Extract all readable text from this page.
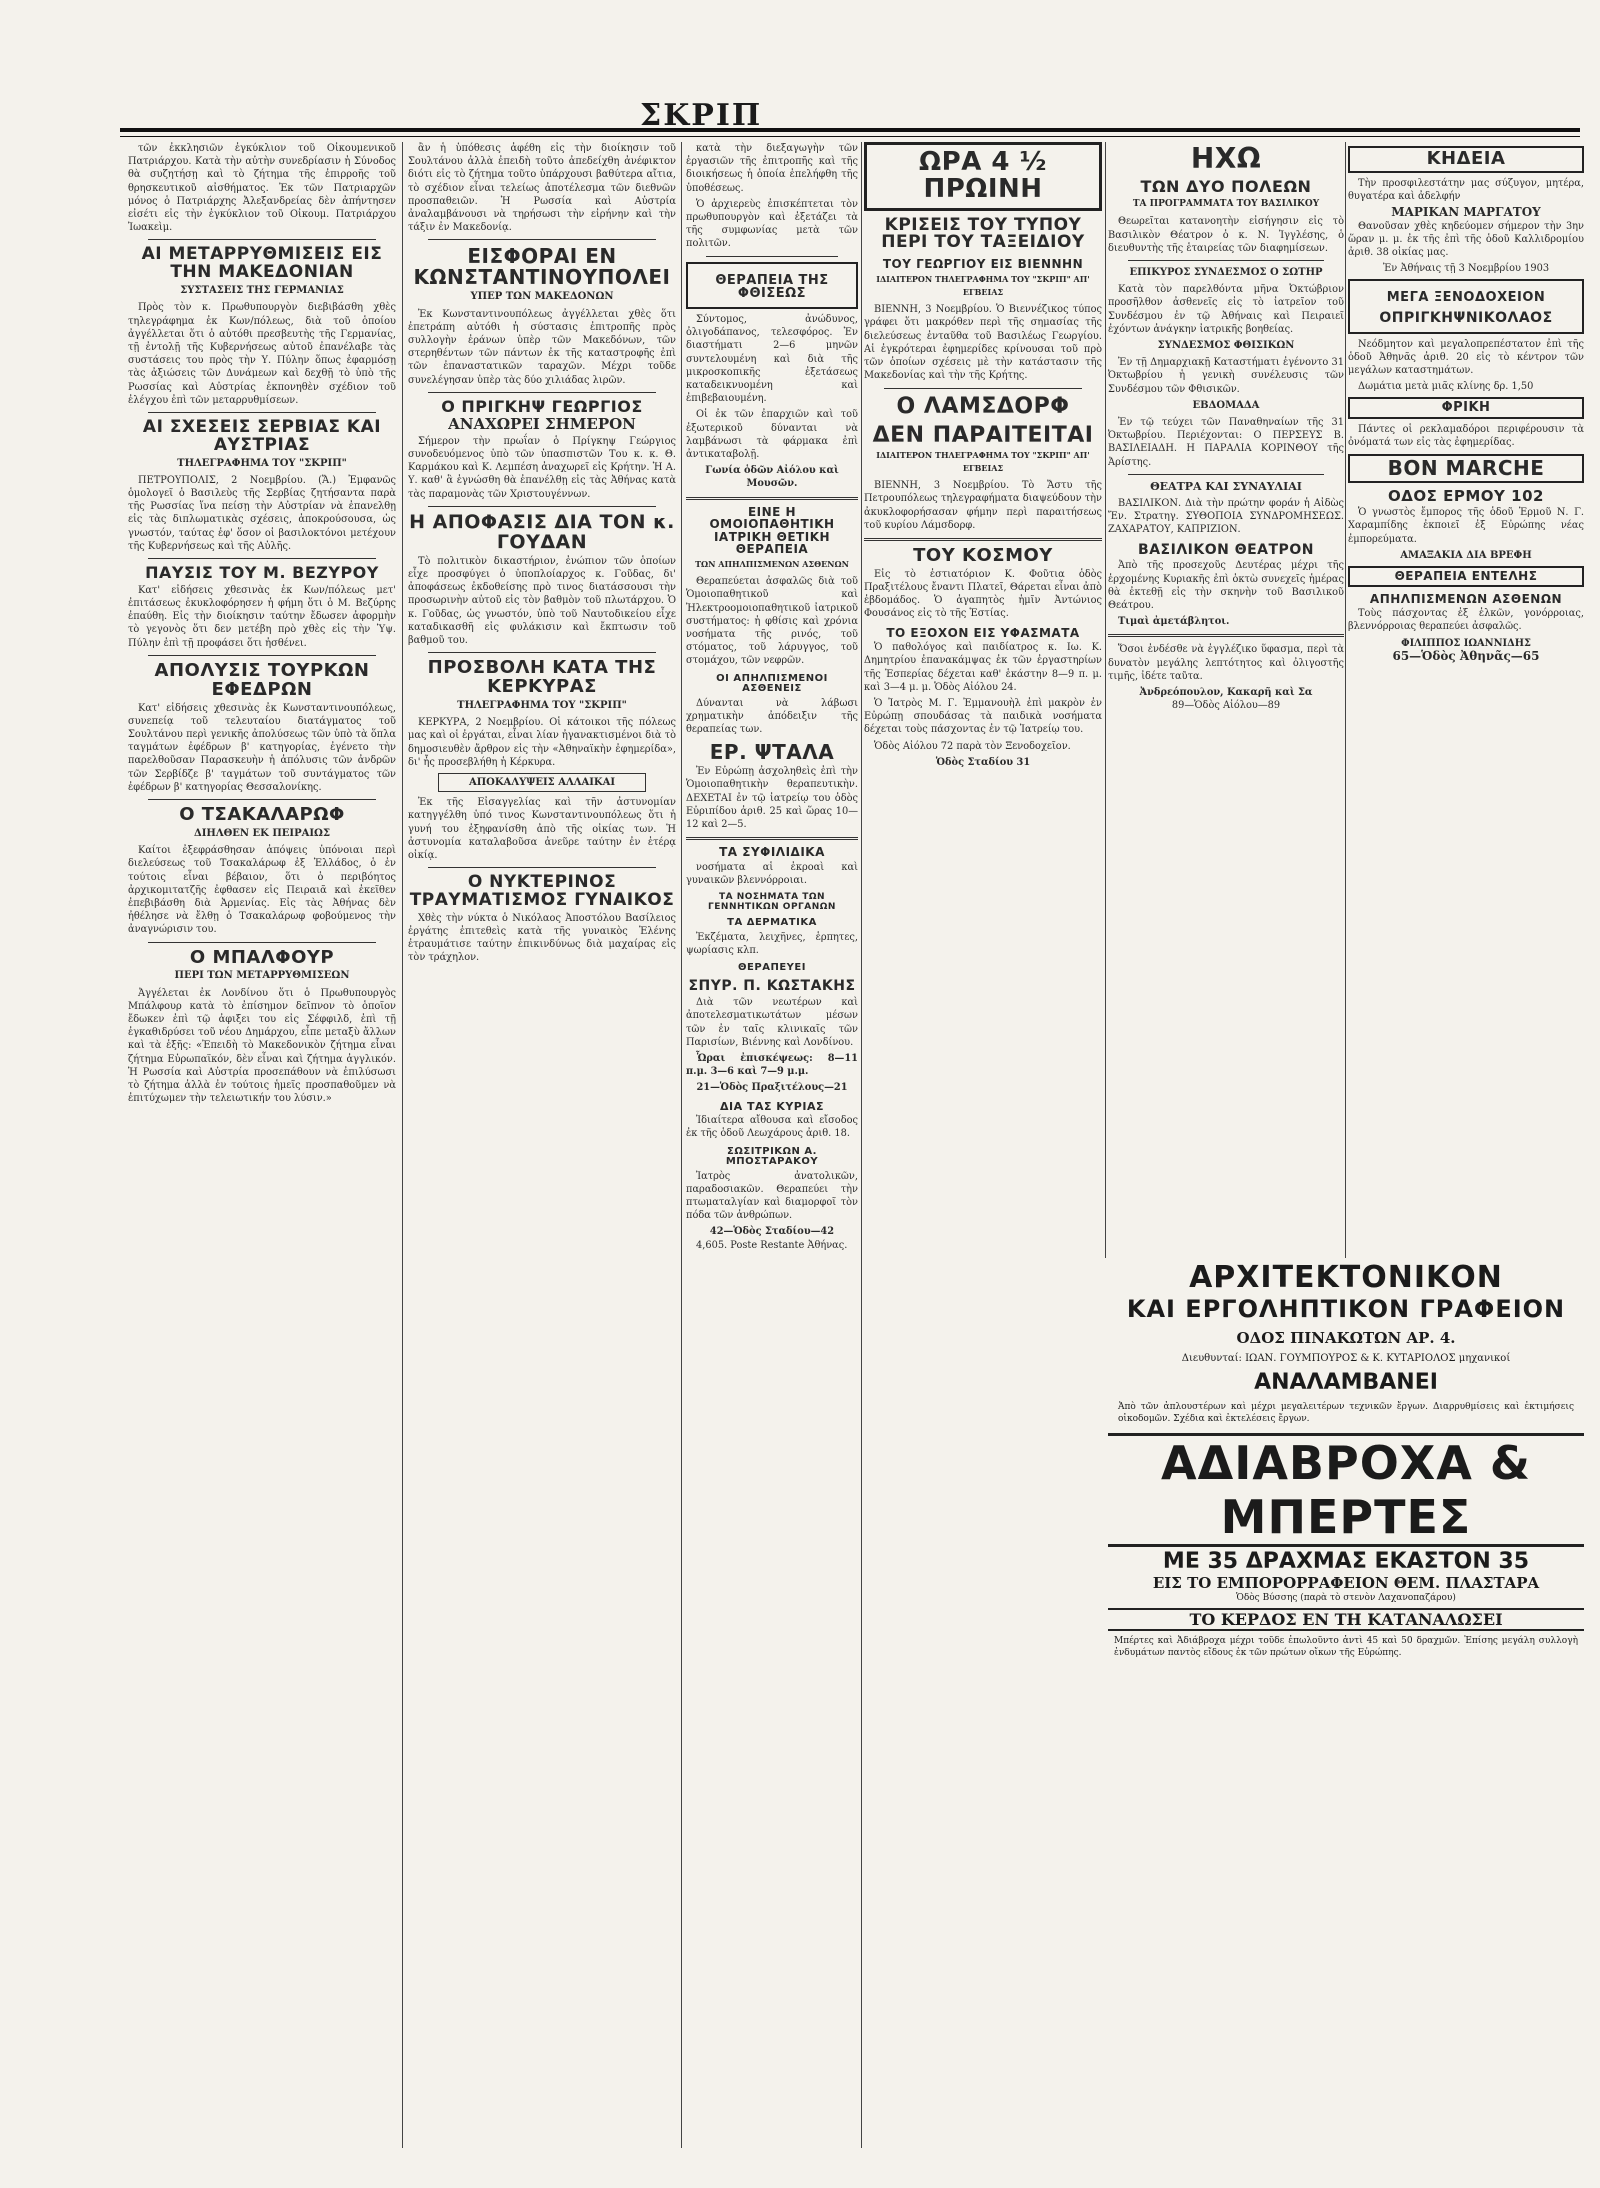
ΣΚΡΙΠ

τῶν ἐκκλησιῶν ἐγκύκλιον τοῦ Οἰκουμενικοῦ Πατριάρχου. Κατὰ τὴν αὐτὴν συνεδρίασιν ἡ Σύνοδος θὰ συζητήσῃ καὶ τὸ ζήτημα τῆς ἐπιρροῆς τοῦ θρησκευτικοῦ αἰσθήματος. Ἐκ τῶν Πατριαρχῶν μόνος ὁ Πατριάρχης Ἀλεξανδρείας δὲν ἀπήντησεν εἰσέτι εἰς τὴν ἐγκύκλιον τοῦ Οἰκουμ. Πατριάρχου Ἰωακεὶμ.

ΑΙ ΜΕΤΑΡΡΥΘΜΙΣΕΙΣ ΕΙΣ ΤΗΝ ΜΑΚΕΔΟΝΙΑΝ
ΣΥΣΤΑΣΕΙΣ ΤΗΣ ΓΕΡΜΑΝΙΑΣ

Πρὸς τὸν κ. Πρωθυπουργὸν διεβιβάσθη χθὲς τηλεγράφημα ἐκ Κων/πόλεως, διὰ τοῦ ὁποίου ἀγγέλλεται ὅτι ὁ αὐτόθι πρεσβευτὴς τῆς Γερμανίας, τῇ ἐντολῇ τῆς Κυβερνήσεως αὐτοῦ ἐπανέλαβε τὰς συστάσεις του πρὸς τὴν Υ. Πύλην ὅπως ἐφαρμόσῃ τὰς ἀξιώσεις τῶν Δυνάμεων καὶ δεχθῇ τὸ ὑπὸ τῆς Ρωσσίας καὶ Αὐστρίας ἐκπονηθὲν σχέδιον τοῦ ἐλέγχου ἐπὶ τῶν μεταρρυθμίσεων.

ΑΙ ΣΧΕΣΕΙΣ ΣΕΡΒΙΑΣ ΚΑΙ ΑΥΣΤΡΙΑΣ
ΤΗΛΕΓΡΑΦΗΜΑ ΤΟΥ "ΣΚΡΙΠ"

ΠΕΤΡΟΥΠΟΛΙΣ, 2 Νοεμβρίου. (Ἄ.) Ἐμφανῶς ὁμολογεῖ ὁ Βασιλεὺς τῆς Σερβίας ζητήσαντα παρὰ τῆς Ρωσσίας ἵνα πείσῃ τὴν Αὐστρίαν νὰ ἐπανελθῃ εἰς τὰς διπλωματικὰς σχέσεις, ἀποκρούσουσα, ὡς γνωστόν, ταύτας ἐφ' ὅσον οἱ βασιλοκτόνοι μετέχουν τῆς Κυβερνήσεως καὶ τῆς Αὐλῆς.

ΠΑΥΣΙΣ ΤΟΥ Μ. ΒΕΖΥΡΟΥ

Κατ' εἰδήσεις χθεσινὰς ἐκ Κων/πόλεως μετ' ἐπιτάσεως ἐκυκλοφόρησεν ἡ φήμη ὅτι ὁ Μ. Βεζύρης ἐπαύθη. Εἰς τὴν διοίκησιν ταύτην ἔδωσεν ἀφορμὴν τὸ γεγονὸς ὅτι δεν μετέβη πρὸ χθὲς εἰς τὴν Ὑψ. Πύλην ἐπὶ τῇ προφάσει ὅτι ἠσθένει.

ΑΠΟΛΥΣΙΣ ΤΟΥΡΚΩΝ ΕΦΕΔΡΩΝ

Κατ' εἰδήσεις χθεσινὰς ἐκ Κωνσταντινουπόλεως, συνεπείᾳ τοῦ τελευταίου διατάγματος τοῦ Σουλτάνου περὶ γενικῆς ἀπολύσεως τῶν ὑπὸ τὰ ὅπλα ταγμάτων ἐφέδρων β' κατηγορίας, ἐγένετο τὴν παρελθοῦσαν Παρασκευὴν ἡ ἀπόλυσις τῶν ἀνδρῶν τῶν Σερβίδζε β' ταγμάτων τοῦ συντάγματος τῶν ἐφέδρων β' κατηγορίας Θεσσαλονίκης.

Ο ΤΣΑΚΑΛΑΡΩΦ
ΔΙΗΛΘΕΝ ΕΚ ΠΕΙΡΑΙΩΣ

Καίτοι ἐξεφράσθησαν ἀπόψεις ὑπόνοιαι περὶ διελεύσεως τοῦ Τσακαλάρωφ ἐξ Ἑλλάδος, ὁ ἐν τούτοις εἶναι βέβαιον, ὅτι ὁ περιβόητος ἀρχικομιτατζῆς ἐφθασεν εἰς Πειραιᾶ καὶ ἐκεῖθεν ἐπεβιβάσθη διὰ Ἀρμενίας. Εἰς τὰς Ἀθήνας δὲν ἠθέλησε νὰ ἔλθῃ ὁ Τσακαλάρωφ φοβούμενος τὴν ἀναγνώρισιν του.

Ο ΜΠΑΛΦΟΥΡ
ΠΕΡΙ ΤΩΝ ΜΕΤΑΡΡΥΘΜΙΣΕΩΝ

Ἀγγέλεται ἐκ Λονδίνου ὅτι ὁ Πρωθυπουργὸς Μπάλφουρ κατὰ τὸ ἐπίσημον δεῖπνον τὸ ὁποῖον ἔδωκεν ἐπὶ τῷ ἀφιξει του εἰς Σέφφιλδ, ἐπὶ τῇ ἐγκαθιδρύσει τοῦ νέου Δημάρχου, εἶπε μεταξὺ ἄλλων καὶ τὰ ἑξῆς: «Ἐπειδὴ τὸ Μακεδονικὸν ζήτημα εἶναι ζήτημα Εὐρωπαϊκόν, δὲν εἶναι καὶ ζήτημα ἀγγλικόν. Ἡ Ρωσσία καὶ Αὐστρία προσεπάθουν νὰ ἐπιλύσωσι τὸ ζήτημα ἀλλὰ ἐν τούτοις ἡμεῖς προσπαθοῦμεν νὰ ἐπιτύχωμεν τὴν τελειωτικήν του λύσιν.»

ἂν ἡ ὑπόθεσις ἀφέθη εἰς τὴν διοίκησιν τοῦ Σουλτάνου ἀλλὰ ἐπειδὴ τοῦτο ἀπεδείχθη ἀνέφικτον διότι εἰς τὸ ζήτημα τοῦτο ὑπάρχουσι βαθύτερα αἴτια, τὸ σχέδιον εἶναι τελείως ἀποτέλεσμα τῶν διεθνῶν προσπαθειῶν. Ἡ Ρωσσία καὶ Αὐστρία ἀναλαμβάνουσι νὰ τηρήσωσι τὴν εἰρήνην καὶ τὴν τάξιν ἐν Μακεδονίᾳ.

ΕΙΣΦΟΡΑΙ ΕΝ ΚΩΝΣΤΑΝΤΙΝΟΥΠΟΛΕΙ
ΥΠΕΡ ΤΩΝ ΜΑΚΕΔΟΝΩΝ

Ἐκ Κωνσταντινουπόλεως ἀγγέλλεται χθὲς ὅτι ἐπετράπη αὐτόθι ἡ σύστασις ἐπιτροπῆς πρὸς συλλογὴν ἐράνων ὑπὲρ τῶν Μακεδόνων, τῶν στερηθέντων τῶν πάντων ἐκ τῆς καταστροφῆς ἐπὶ τῶν ἐπαναστατικῶν ταραχῶν. Μέχρι τοῦδε συνελέγησαν ὑπὲρ τὰς δύο χιλιάδας λιρῶν.

Ο ΠΡΙΓΚΗΨ ΓΕΩΡΓΙΟΣ
ΑΝΑΧΩΡΕΙ ΣΗΜΕΡΟΝ

Σήμερον τὴν πρωΐαν ὁ Πρίγκηψ Γεώργιος συνοδευόμενος ὑπὸ τῶν ὑπασπιστῶν Του κ. κ. Θ. Καρμάκου καὶ Κ. Λεμπέση ἀναχωρεῖ εἰς Κρήτην. Ἡ Α. Υ. καθ' ἃ ἐγνώσθη θὰ ἐπανέλθῃ εἰς τὰς Ἀθήνας κατὰ τὰς παραμονὰς τῶν Χριστουγέννων.

Η ΑΠΟΦΑΣΙΣ ΔΙΑ ΤΟΝ κ. ΓΟΥΔΑΝ

Τὸ πολιτικὸν δικαστήριον, ἐνώπιον τῶν ὁποίων εἶχε προσφύγει ὁ ὑποπλοίαρχος κ. Γοῦδας, δι' ἀποφάσεως ἐκδοθείσης πρὸ τινος διατάσσουσι τὴν προσωρινὴν αὐτοῦ εἰς τὸν βαθμὸν τοῦ πλωτάρχου. Ὁ κ. Γοῦδας, ὡς γνωστόν, ὑπὸ τοῦ Ναυτοδικείου εἶχε καταδικασθῆ εἰς φυλάκισιν καὶ ἔκπτωσιν τοῦ βαθμοῦ του.

ΠΡΟΣΒΟΛΗ ΚΑΤΑ ΤΗΣ ΚΕΡΚΥΡΑΣ
ΤΗΛΕΓΡΑΦΗΜΑ ΤΟΥ "ΣΚΡΙΠ"

ΚΕΡΚΥΡΑ, 2 Νοεμβρίου. Οἱ κάτοικοι τῆς πόλεως μας καὶ οἱ ἐργάται, εἶναι λίαν ἠγανακτισμένοι διὰ τὸ δημοσιευθὲν ἄρθρον εἰς τὴν «Ἀθηναϊκὴν ἐφημερίδα», δι' ἧς προσεβλήθη ἡ Κέρκυρα.

ΑΠΟΚΑΛΥΨΕΙΣ ΑΛΛΑΙΚΑΙ

Ἐκ τῆς Εἰσαγγελίας καὶ τῆν ἀστυνομίαν κατηγγέλθη ὑπό τινος Κωνσταντινουπόλεως ὅτι ἡ γυνή του ἐξηφανίσθη ἀπὸ τῆς οἰκίας των. Ἡ ἀστυνομία καταλαβοῦσα ἀνεῦρε ταύτην ἐν ἑτέρᾳ οἰκίᾳ.

Ο ΝΥΚΤΕΡΙΝΟΣ ΤΡΑΥΜΑΤΙΣΜΟΣ ΓΥΝΑΙΚΟΣ

Χθὲς τὴν νύκτα ὁ Νικόλαος Ἀποστόλου Βασίλειος ἐργάτης ἐπιτεθεὶς κατὰ τῆς γυναικὸς Ἑλένης ἐτραυμάτισε ταύτην ἐπικινδύνως διὰ μαχαίρας εἰς τὸν τράχηλον.

κατὰ τὴν διεξαγωγὴν τῶν ἐργασιῶν τῆς ἐπιτροπῆς καὶ τῆς διοικήσεως ἡ ὁποία ἐπελήφθη τῆς ὑποθέσεως.

Ὁ ἀρχιερεὺς ἐπισκέπτεται τὸν πρωθυπουργὸν καὶ ἐξετάζει τὰ τῆς συμφωνίας μετὰ τῶν πολιτῶν.

ΘΕΡΑΠΕΙΑ ΤΗΣ ΦΘΙΣΕΩΣ

Σύντομος, ἀνώδυνος, ὀλιγοδάπανος, τελεσφόρος. Ἐν διαστήματι 2—6 μηνῶν συντελουμένη καὶ διὰ τῆς μικροσκοπικῆς ἐξετάσεως καταδεικνυομένη καὶ ἐπιβεβαιουμένη.

Οἱ ἐκ τῶν ἐπαρχιῶν καὶ τοῦ ἐξωτερικοῦ δύνανται νὰ λαμβάνωσι τὰ φάρμακα ἐπὶ ἀντικαταβολῇ.

Γωνία ὁδῶν Αἰόλου καὶ Μουσῶν.
ΕΙΝΕ Η ΟΜΟΙΟΠΑΘΗΤΙΚΗ ΙΑΤΡΙΚΗ ΘΕΤΙΚΗ ΘΕΡΑΠΕΙΑ
ΤΩΝ ΑΠΗΛΠΙΣΜΕΝΩΝ ΑΣΘΕΝΩΝ

Θεραπεύεται ἀσφαλῶς διὰ τοῦ Ὁμοιοπαθητικοῦ καὶ Ἠλεκτροομοιοπαθητικοῦ ἰατρικοῦ συστήματος: ἡ φθίσις καὶ χρόνια νοσήματα τῆς ρινός, τοῦ στόματος, τοῦ λάρυγγος, τοῦ στομάχου, τῶν νεφρῶν.

ΟΙ ΑΠΗΛΠΙΣΜΕΝΟΙ ΑΣΘΕΝΕΙΣ

Δύνανται νὰ λάβωσι χρηματικὴν ἀπόδειξιν τῆς θεραπείας των.

ΕΡ. ΨΤΑΛΑ

Ἐν Εὐρώπῃ ἀσχοληθεὶς ἐπὶ τὴν Ὁμοιοπαθητικὴν θεραπευτικὴν. ΔΕΧΕΤΑΙ ἐν τῷ ἰατρείῳ του ὁδὸς Εὐριπίδου ἀριθ. 25 καὶ ὥρας 10—12 καὶ 2—5.

ΤΑ ΣΥΦΙΛΙΔΙΚΑ

νοσήματα αἱ ἐκροαὶ καὶ γυναικῶν βλεννόρροιαι.

ΤΑ ΝΟΣΗΜΑΤΑ ΤΩΝ ΓΕΝΝΗΤΙΚΩΝ ΟΡΓΑΝΩΝ
ΤΑ ΔΕΡΜΑΤΙΚΑ

Ἐκζέματα, λειχῆνες, ἑρπητες, ψωρίασις κλπ.

ΘΕΡΑΠΕΥΕΙ
ΣΠΥΡ. Π. ΚΩΣΤΑΚΗΣ

Διὰ τῶν νεωτέρων καὶ ἀποτελεσματικωτάτων μέσων τῶν ἐν ταῖς κλινικαῖς τῶν Παρισίων, Βιέννης καὶ Λονδίνου.

Ὧραι ἐπισκέψεως: 8—11 π.μ. 3—6 καὶ 7—9 μ.μ.

21—Ὁδὸς Πραξιτέλους—21
ΔΙΑ ΤΑΣ ΚΥΡΙΑΣ

Ἰδιαίτερα αἴθουσα καὶ εἴσοδος ἐκ τῆς ὁδοῦ Λεωχάρους ἀριθ. 18.

ΣΩΣΙΤΡΙΚΩΝ Α. ΜΠΟΣΤΑΡΑΚΟΥ

Ἰατρὸς ἀνατολικῶν, παραδοσιακῶν. Θεραπεύει τὴν πτωματαλγίαν καὶ διαμορφοῖ τὸν πόδα τῶν ἀνθρώπων.

42—Ὁδὸς Σταδίου—42

4,605. Poste Restante Ἀθήνας.

ΩΡΑ 4 ½ ΠΡΩΙΝΗ
ΚΡΙΣΕΙΣ ΤΟΥ ΤΥΠΟΥ ΠΕΡΙ ΤΟΥ ΤΑΞΕΙΔΙΟΥ
ΤΟΥ ΓΕΩΡΓΙΟΥ ΕΙΣ ΒΙΕΝΝΗΝ
ΙΔΙΑΙΤΕΡΟΝ ΤΗΛΕΓΡΑΦΗΜΑ ΤΟΥ "ΣΚΡΙΠ" ΑΠ' ΕΓΒΕΙΑΣ

ΒΙΕΝΝΗ, 3 Νοεμβρίου. Ὁ Βιεννέζικος τύπος γράφει ὅτι μακρόθεν περὶ τῆς σημασίας τῆς διελεύσεως ἐνταῦθα τοῦ Βασιλέως Γεωργίου. Αἱ ἐγκρότεραι ἐφημερίδες κρίνουσαι τοῦ πρὸ τῶν ὁποίων σχέσεις μὲ τὴν κατάστασιν τῆς Μακεδονίας καὶ τὴν τῆς Κρήτης.

Ο ΛΑΜΣΔΟΡΦ
ΔΕΝ ΠΑΡΑΙΤΕΙΤΑΙ
ΙΔΙΑΙΤΕΡΟΝ ΤΗΛΕΓΡΑΦΗΜΑ ΤΟΥ "ΣΚΡΙΠ" ΑΠ' ΕΓΒΕΙΑΣ

ΒΙΕΝΝΗ, 3 Νοεμβρίου. Τὸ Ἄστυ τῆς Πετρουπόλεως τηλεγραφήματα διαψεύδουν τὴν ἀκυκλοφορήσασαν φήμην περὶ παραιτήσεως τοῦ κυρίου Λάμσδορφ.

ΤΟΥ ΚΟΣΜΟΥ

Εἰς τὸ ἐστιατόριον Κ. Φοῦτια ὁδὸς Πραξιτέλους ἔναντι Πλατεῖ, Θάρεται εἶναι ἀπὸ ἑβδομάδος. Ὁ ἀγαπητὸς ἡμῖν Ἀντώνιος Φουσάνος εἰς τὸ τῆς Ἑστίας.

ΤΟ ΕΞΟΧΟΝ ΕΙΣ ΥΦΑΣΜΑΤΑ

Ὁ παθολόγος καὶ παιδίατρος κ. Ιω. Κ. Δημητρίου ἐπανακάμψας ἐκ τῶν ἐργαστηρίων τῆς Ἑσπερίας δέχεται καθ' ἑκάστην 8—9 π. μ. καὶ 3—4 μ. μ. Ὁδὸς Αἰόλου 24.

Ὁ Ἰατρὸς Μ. Γ. Ἐμμανουὴλ ἐπὶ μακρὸν ἐν Εὐρώπῃ σπουδάσας τὰ παιδικὰ νοσήματα δέχεται τοὺς πάσχοντας ἐν τῷ Ἰατρείῳ του.

Ὁδὸς Αἰόλου 72 παρὰ τὸν Ξενοδοχεῖον.

Ὁδὸς Σταδίου 31
ΗΧΩ
ΤΩΝ ΔΥΟ ΠΟΛΕΩΝ
ΤΑ ΠΡΟΓΡΑΜΜΑΤΑ ΤΟΥ ΒΑΣΙΛΙΚΟΥ

Θεωρεῖται κατανοητὴν εἰσήγησιν εἰς τὸ Βασιλικὸν Θέατρον ὁ κ. Ν. Ἰγγλέσης, ὁ διευθυντὴς τῆς ἑταιρείας τῶν διαφημίσεων.

ΕΠΙΚΥΡΟΣ ΣΥΝΔΕΣΜΟΣ Ο ΣΩΤΗΡ

Κατὰ τὸν παρελθόντα μῆνα Ὀκτώβριον προσῆλθον ἀσθενεῖς εἰς τὸ ἰατρεῖον τοῦ Συνδέσμου ἐν τῷ Ἀθήναις καὶ Πειραιεῖ ἐχόντων ἀνάγκην ἰατρικῆς βοηθείας.

ΣΥΝΔΕΣΜΟΣ ΦΘΙΣΙΚΩΝ

Ἐν τῇ Δημαρχιακῇ Καταστήματι ἐγένοντο 31 Ὀκτωβρίου ἡ γενικὴ συνέλευσις τῶν Συνδέσμου τῶν Φθισικῶν.

ΕΒΔΟΜΑΔΑ

Ἐν τῷ τεύχει τῶν Παναθηναίων τῆς 31 Ὀκτωβρίου. Περιέχονται: Ο ΠΕΡΣΕΥΣ Β. ΒΑΣΙΛΕΙΑΔΗ. Η ΠΑΡΑΛΙΑ ΚΟΡΙΝΘΟΥ τῆς Ἀρίστης.

ΘΕΑΤΡΑ ΚΑΙ ΣΥΝΑΥΛΙΑΙ

ΒΑΣΙΛΙΚΟΝ. Διὰ τὴν πρώτην φοράν ἡ Αἰδὼς Ἔν. Στρατηγ. ΣΥΘΟΠΟΙΑ ΣΥΝΔΡΟΜΗΣΕΩΣ. ΖΑΧΑΡΑΤΟΥ, ΚΑΠΡΙΖΙΟΝ.

ΒΑΣΙΛΙΚΟΝ ΘΕΑΤΡΟΝ

Ἀπὸ τῆς προσεχοῦς Δευτέρας μέχρι τῆς ἑρχομένης Κυριακῆς ἐπὶ ὁκτὼ συνεχεῖς ἡμέρας θὰ ἐκτεθῇ εἰς τὴν σκηνὴν τοῦ Βασιλικοῦ Θεάτρου.

Τιμαὶ ἀμετάβλητοι.

Ὅσοι ἐνδέσθε νὰ ἐγγλέζικο ὕφασμα, περὶ τὰ δυνατὸν μεγάλης λεπτότητος καὶ ὀλιγοστῆς τιμῆς, ἰδέτε ταῦτα.

Ἀνδρεόπουλον, Κακαρῆ καὶ Σα
89—Ὁδὸς Αἰόλου—89
ΚΗΔΕΙΑ

Τὴν προσφιλεστάτην μας σύζυγον, μητέρα, θυγατέρα καὶ ἀδελφήν

ΜΑΡΙΚΑΝ ΜΑΡΓΑΤΟΥ

Θανοῦσαν χθὲς κηδεύομεν σήμερον τὴν 3ην ὥραν μ. μ. ἐκ τῆς ἐπὶ τῆς ὁδοῦ Καλλιδρομίου ἀριθ. 38 οἰκίας μας.

Ἐν Ἀθήναις τῇ 3 Νοεμβρίου 1903
ΜΕΓΑ ΞΕΝΟΔΟΧΕΙΟΝ
ΟΠΡΙΓΚΗΨΝΙΚΟΛΑΟΣ

Νεόδμητον καὶ μεγαλοπρεπέστατον ἐπὶ τῆς ὁδοῦ Ἀθηνᾶς ἀριθ. 20 εἰς τὸ κέντρον τῶν μεγάλων καταστημάτων.

Δωμάτια μετὰ μιᾶς κλίνης δρ. 1,50

ΦΡΙΚΗ

Πάντες οἱ ρεκλαμαδόροι περιφέρουσιν τὰ ὀνόματά των εἰς τὰς ἐφημερίδας.

BON MARCHE
ΟΔΟΣ ΕΡΜΟΥ 102

Ὁ γνωστὸς ἔμπορος τῆς ὁδοῦ Ἑρμοῦ Ν. Γ. Χαραμπίδης ἐκποιεῖ ἐξ Εὐρώπης νέας ἐμπορεύματα.

ΑΜΑΞΑΚΙΑ ΔΙΑ ΒΡΕΦΗ
ΘΕΡΑΠΕΙΑ ΕΝΤΕΛΗΣ
ΑΠΗΛΠΙΣΜΕΝΩΝ ΑΣΘΕΝΩΝ

Τοὺς πάσχοντας ἐξ ἐλκῶν, γονόρροιας, βλεννόρροιας θεραπεύει ἀσφαλῶς.

ΦΙΛΙΠΠΟΣ ΙΩΑΝΝΙΔΗΣ
65—Ὁδὸς Ἀθηνᾶς—65
ΑΡΧΙΤΕΚΤΟΝΙΚΟΝ
ΚΑΙ ΕΡΓΟΛΗΠΤΙΚΟΝ ΓΡΑΦΕΙΟΝ
ΟΔΟΣ ΠΙΝΑΚΩΤΩΝ ΑΡ. 4.
Διευθυνταί: ΙΩΑΝ. ΓΟΥΜΠΟΥΡΟΣ & Κ. ΚΥΤΑΡΙΟΛΟΣ μηχανικοί
ΑΝΑΛΑΜΒΑΝΕΙ
Ἀπὸ τῶν ἀπλουστέρων καὶ μέχρι μεγαλειτέρων τεχνικῶν ἔργων. Διαρρυθμίσεις καὶ ἐκτιμήσεις οἰκοδομῶν. Σχέδια καὶ ἐκτελέσεις ἔργων.
ΑΔΙΑΒΡΟΧΑ & ΜΠΕΡΤΕΣ
ΜΕ 35 ΔΡΑΧΜΑΣ ΕΚΑΣΤΟΝ 35
ΕΙΣ ΤΟ ΕΜΠΟΡΟΡΡΑΦΕΙΟΝ ΘΕΜ. ΠΛΑΣΤΑΡΑ
Ὁδὸς Βύσσης (παρὰ τὸ στενὸν Λαχανοπαζάρου)
ΤΟ ΚΕΡΔΟΣ ΕΝ ΤΗ ΚΑΤΑΝΑΛΩΣΕΙ
Μπέρτες καὶ Ἀδιάβροχα μέχρι τοῦδε ἐπωλοῦντο ἀντὶ 45 καὶ 50 δραχμῶν. Ἐπίσης μεγάλη συλλογὴ ἐνδυμάτων παντὸς εἴδους ἐκ τῶν πρώτων οἴκων τῆς Εὐρώπης.
